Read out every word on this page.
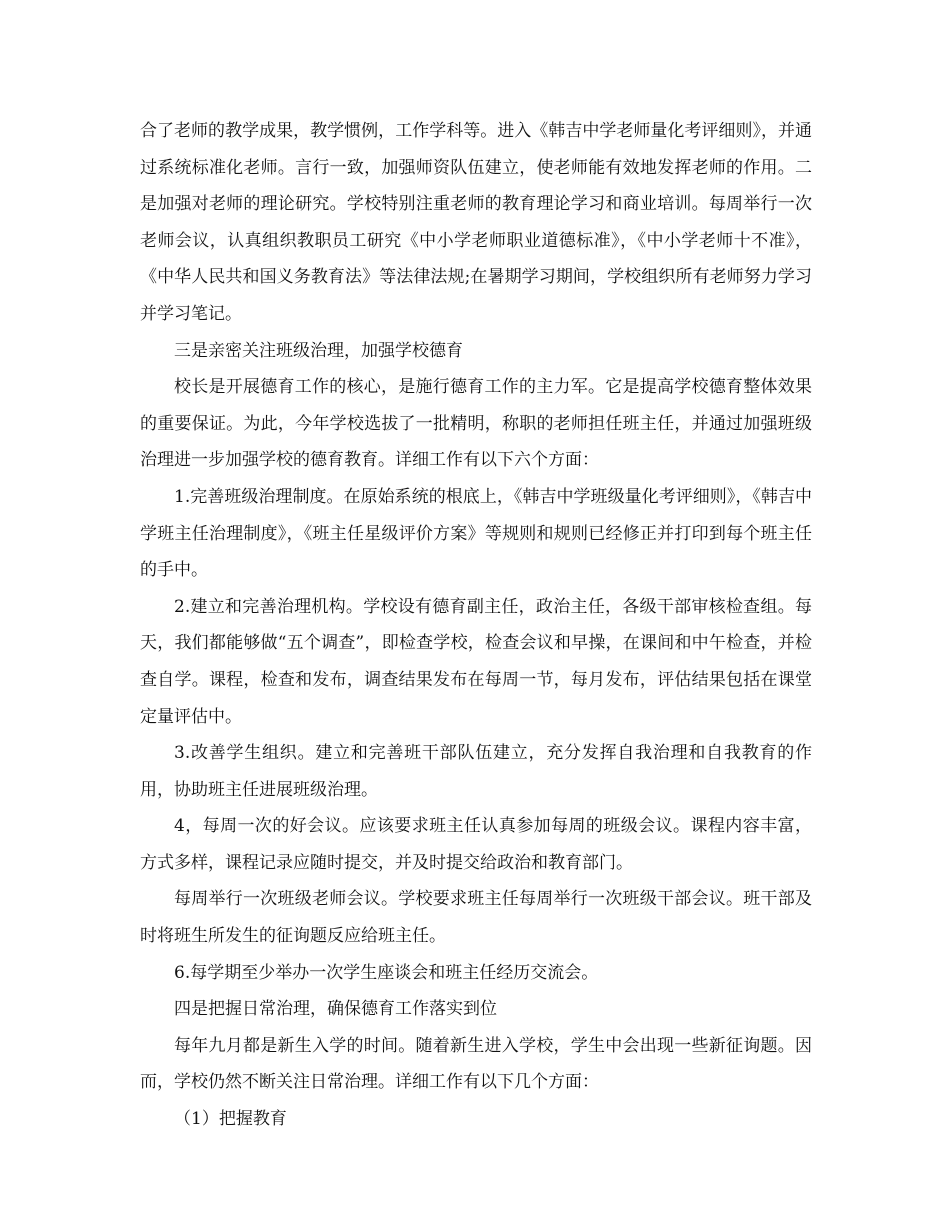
合了老师的教学成果，教学惯例，工作学科等。进入《韩吉中学老师量化考评细则》，并通过系统标准化老师。言行一致，加强师资队伍建立，使老师能有效地发挥老师的作用。二是加强对老师的理论研究。学校特别注重老师的教育理论学习和商业培训。每周举行一次老师会议，认真组织教职员工研究《中小学老师职业道德标准》，《中小学老师十不准》，《中华人民共和国义务教育法》等法律法规;在暑期学习期间，学校组织所有老师努力学习并学习笔记。

三是亲密关注班级治理，加强学校德育

校长是开展德育工作的核心，是施行德育工作的主力军。它是提高学校德育整体效果的重要保证。为此，今年学校选拔了一批精明，称职的老师担任班主任，并通过加强班级治理进一步加强学校的德育教育。详细工作有以下六个方面：

1.完善班级治理制度。在原始系统的根底上，《韩吉中学班级量化考评细则》，《韩吉中学班主任治理制度》，《班主任星级评价方案》等规则和规则已经修正并打印到每个班主任的手中。

2.建立和完善治理机构。学校设有德育副主任，政治主任，各级干部审核检查组。每天，我们都能够做“五个调查”，即检查学校，检查会议和早操，在课间和中午检查，并检查自学。课程，检查和发布，调查结果发布在每周一节，每月发布，评估结果包括在课堂定量评估中。

3.改善学生组织。建立和完善班干部队伍建立，充分发挥自我治理和自我教育的作用，协助班主任进展班级治理。

4，每周一次的好会议。应该要求班主任认真参加每周的班级会议。课程内容丰富，方式多样，课程记录应随时提交，并及时提交给政治和教育部门。

每周举行一次班级老师会议。学校要求班主任每周举行一次班级干部会议。班干部及时将班生所发生的征询题反应给班主任。

6.每学期至少举办一次学生座谈会和班主任经历交流会。

四是把握日常治理，确保德育工作落实到位

每年九月都是新生入学的时间。随着新生进入学校，学生中会出现一些新征询题。因而，学校仍然不断关注日常治理。详细工作有以下几个方面：

（1）把握教育
